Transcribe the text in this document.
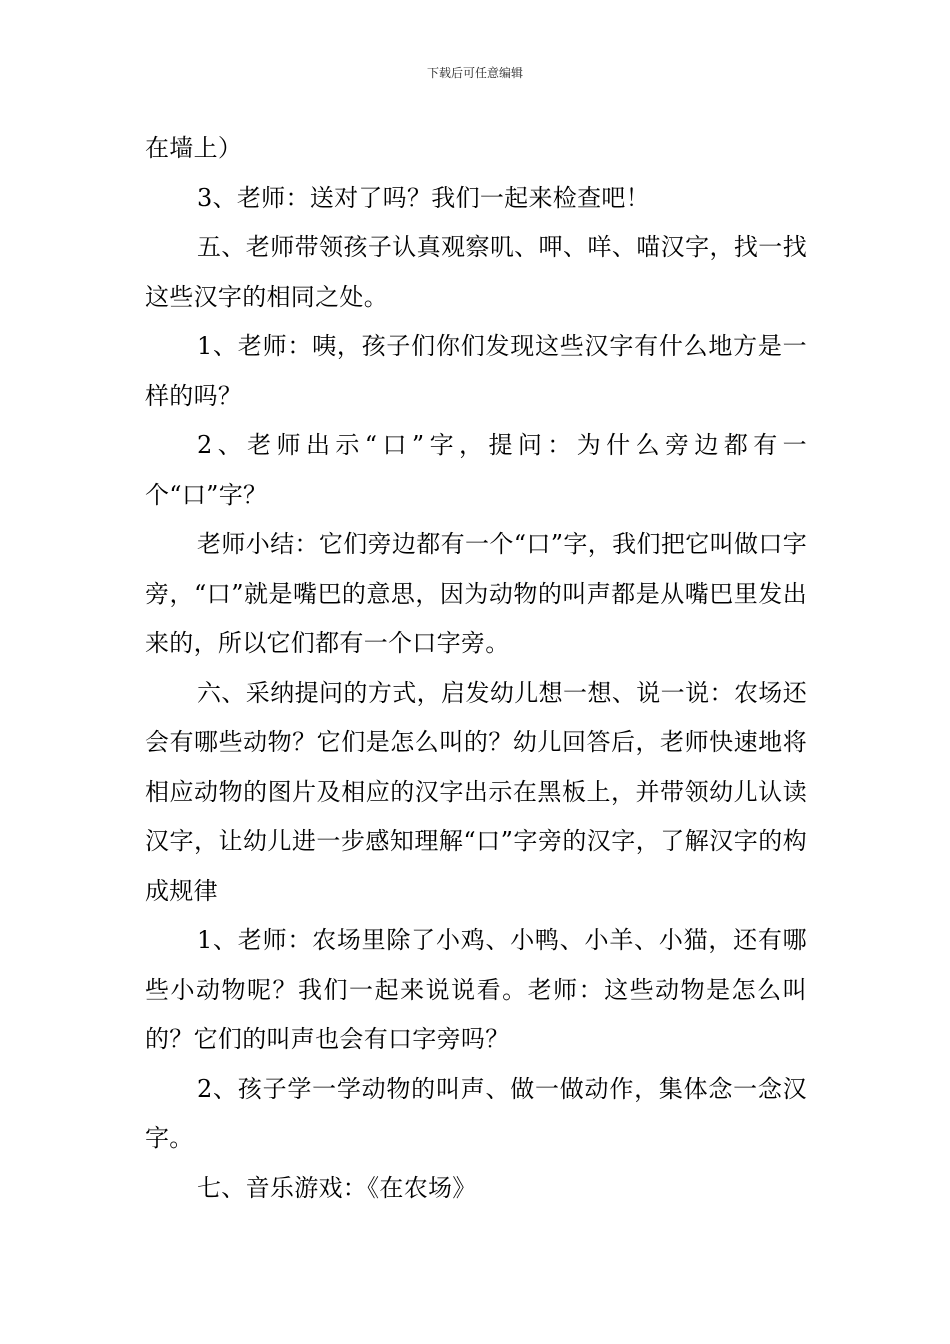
下载后可任意编辑

在墙上）

3、老师：送对了吗？我们一起来检查吧！

五、老师带领孩子认真观察叽、呷、咩、喵汉字，找一找这些汉字的相同之处。

1、老师：咦，孩子们你们发现这些汉字有什么地方是一样的吗？

2、老师出示“口”字，提问：为什么旁边都有一个“口”字？

老师小结：它们旁边都有一个“口”字，我们把它叫做口字旁，“口”就是嘴巴的意思，因为动物的叫声都是从嘴巴里发出来的，所以它们都有一个口字旁。

六、采纳提问的方式，启发幼儿想一想、说一说：农场还会有哪些动物？它们是怎么叫的？幼儿回答后，老师快速地将相应动物的图片及相应的汉字出示在黑板上，并带领幼儿认读汉字，让幼儿进一步感知理解“口”字旁的汉字，了解汉字的构成规律

1、老师：农场里除了小鸡、小鸭、小羊、小猫，还有哪些小动物呢？我们一起来说说看。老师：这些动物是怎么叫的？它们的叫声也会有口字旁吗？

2、孩子学一学动物的叫声、做一做动作，集体念一念汉字。

七、音乐游戏：《在农场》
